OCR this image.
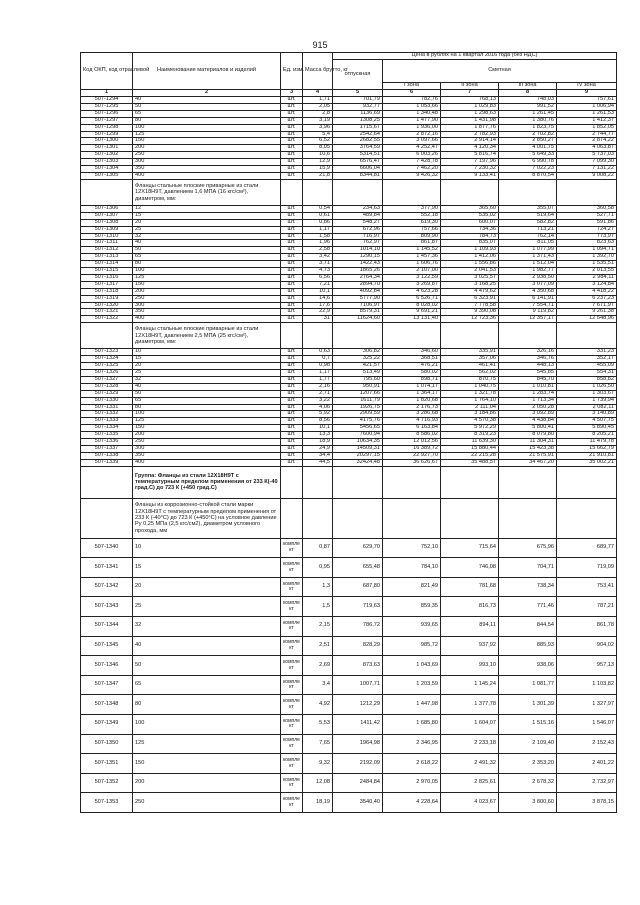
915
Код ОКП, код отраслевой	Наименование материалов и изделий	Ед. изм.	Масса брутто, кг	Цена в рублях на 1 квартал 2016 года (без НДС)				
				отпускная	Сметная			
					I зона	II зона	III зона	IV зона
1	2	3	4	5	6	7	8	9
507-1294	40	шт.	1,71	701,79	782,76	768,13	748,03	757,61
507-1295	50	шт.	2,05	932,77	1 053,66	1 029,83	991,52	1 006,94
507-1296	65	шт.	2,8	1136,69	1 340,48	1 298,63	1 261,45	1 261,53
507-1297	80	шт.	3,19	1308,25	1 477,90	1 431,98	1 380,76	1 412,37
507-1298	100	шт.	3,96	1715,67	1 936,00	1 877,76	1 823,75	1 852,05
507-1299	125	шт.	5,4	2542,64	2 872,16	2 782,93	2 702,82	2 744,77
507-1300	150	шт.	6,52	2682,55	3 097,66	2 914,14	2 850,27	2 874,22
507-1301	200	шт.	8,05	3764,59	4 252,47	4 120,34	4 001,75	4 063,87
507-1302	250	шт.	10,6	5314,51	6 003,26	5 816,74	5 649,33	5 737,03
507-1303	300	шт.	12,9	6576,47	7 428,78	7 197,96	6 990,78	7 099,30
507-1304	350	шт.	15,9	6606,04	7 462,20	7 230,32	7 022,23	7 131,22
507-1305	400	шт.	21,8	8344,81	9 426,32	9 133,41	8 870,54	9 008,22
	Фланцы стальные плоские приварные из стали 12Х18Н9Т, давлением 1,6 МПА (16 кгс/см²), диаметром, мм:							
507-1306	12	шт.	0,54	234,63	377,90	365,60	355,07	360,58
507-1307	15	шт.	0,61	489,84	552,18	535,02	519,64	527,71
507-1308	20	шт.	0,86	548,27	619,30	600,07	582,82	591,86
507-1309	25	шт.	1,17	672,96	757,66	734,36	713,21	724,27
507-1310	32	шт.	1,58	716,97	809,90	784,73	762,14	773,97
507-1311	40	шт.	1,96	762,97	861,87	835,07	811,05	823,63
507-1312	50	шт.	2,58	1014,10	1 145,52	1 109,93	1 077,99	1 094,71
507-1313	65	шт.	3,42	1290,15	1 457,36	1 412,06	1 371,43	1 392,70
507-1314	80	шт.	3,71	1422,43	1 606,76	1 556,86	1 512,04	1 535,51
507-1315	100	шт.	4,73	1865,26	2 107,00	2 041,53	1 982,77	2 013,55
507-1316	125	шт.	6,56	2764,34	3 122,59	3 025,57	2 938,50	2 984,11
507-1317	150	шт.	7,21	2894,70	3 269,87	3 168,25	3 077,09	3 124,84
507-1318	200	шт.	10,1	4092,84	4 623,28	4 479,62	4 350,68	4 418,22
507-1319	250	шт.	14,6	5777,90	6 526,71	6 323,91	6 141,91	6 237,23
507-1320	300	шт.	17,6	7106,97	8 028,02	7 778,58	7 554,71	7 671,97
507-1321	350	шт.	22,9	8579,31	9 691,21	9 390,08	9 119,82	9 261,38
507-1322	400	шт.	31	11624,60	13 131,40	12 723,36	12 357,17	12 548,96
	Фланцы стальные плоские приварные из стали 12Х18Н9Т, давлением 2,5 МПА (25 кгс/см²), диаметром, мм:							
507-1323	10	шт.	0,63	306,82	346,60	335,91	326,16	331,23
507-1324	15	шт.	0,7	325,22	368,51	357,06	346,76	352,17
507-1325	20	шт.	0,98	421,57	476,21	461,41	448,13	455,09
507-1326	25	шт.	1,17	513,49	580,02	562,02	545,85	554,31
507-1327	32	шт.	1,77	795,60	898,71	870,75	845,70	858,82
507-1328	40	шт.	2,16	950,91	1 074,17	1 040,75	1 010,81	1 026,50
507-1329	50	шт.	2,71	1207,66	1 364,17	1 321,78	1 283,74	1 303,67
507-1330	65	шт.	3,22	1611,79	1 820,68	1 764,10	1 713,34	1 739,94
507-1331	80	шт.	4,06	1926,75	2 176,73	2 111,04	2 050,28	2 082,11
507-1332	100	шт.	5,92	2909,59	3 286,68	3 184,86	3 092,89	3 140,89
507-1333	125	шт.	8,56	4175,76	4 716,93	4 570,38	4 438,84	4 507,75
507-1334	150	шт.	10,1	5456,65	6 163,84	5 972,29	5 800,41	5 890,45
507-1335	200	шт.	13,3	7600,94	8 586,02	8 319,23	8 079,80	8 205,21
507-1336	250	шт.	18,9	10634,35	12 012,56	11 639,30	11 304,31	11 479,78
507-1337	300	шт.	24,9	14509,31	16 389,72	15 880,44	15 423,38	15 662,79
507-1338	350	шт.	34,4	20297,15	22 927,70	22 215,28	21 575,91	21 910,81
507-1339	400	шт.	44,5	32424,48	36 626,67	35 488,57	34 467,20	35 002,21
	Группа: Фланцы из стали 12Х18Н9Т с температурным пределом применения от 233 К(-40 град.С) до 723 К (+450 град.С)							
	Фланцы из коррозионно-стойкой стали марки 12Х18Н9Т с температурным пределом применения от 233 К (-40°С) до 723 К (+450°С) на условное давление Ру 0,25 МПа (2,5 кгс/см2), диаметром условного прохода, мм							
507-1340	10	компле кт	0,87	629,70	752,10	715,64	675,96	689,77
507-1341	15	компле кт	0,95	655,48	784,10	746,08	704,71	719,09
507-1342	20	компле кт	1,3	687,80	821,49	781,68	738,34	753,41
507-1343	25	компле кт	1,5	719,63	859,35	816,73	771,46	787,21
507-1344	32	компле кт	2,15	786,72	939,65	894,11	844,54	861,78
507-1345	40	компле кт	2,51	828,29	985,72	937,92	885,93	904,02
507-1346	50	компле кт	2,69	873,63	1 043,69	993,10	938,06	957,13
507-1347	65	компле кт	3,4	1007,71	1 203,59	1 145,24	1 081,77	1 103,82
507-1348	80	компле кт	4,92	1212,29	1 447,98	1 377,78	1 301,39	1 327,97
507-1349	100	компле кт	5,53	1411,42	1 685,80	1 604,07	1 515,16	1 546,07
507-1350	125	компле кт	7,65	1964,98	2 346,95	2 233,18	2 109,40	2 152,43
507-1351	150	компле кт	9,32	2192,09	2 618,22	2 491,32	2 353,20	2 401,22
507-1352	200	компле кт	12,08	2484,84	2 970,05	2 825,61	2 678,32	2 732,97
507-1353	250	компле кт	18,19	3540,40	4 228,64	4 023,67	3 800,60	3 878,15
